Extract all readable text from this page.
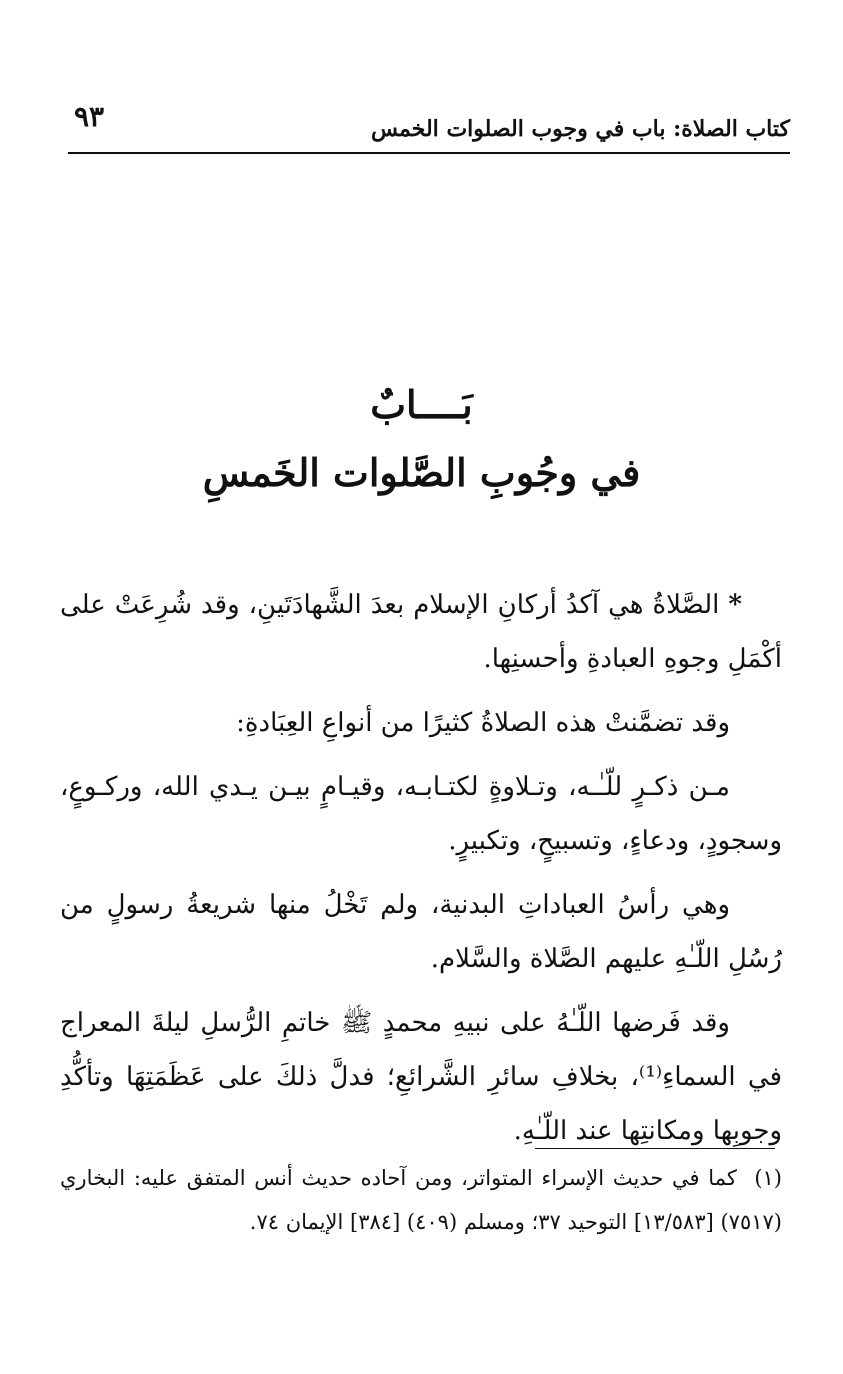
كتاب الصلاة: باب في وجوب الصلوات الخمس
٩٣
بَــــابٌ
في وجُوبِ الصَّلوات الخَمسِ

* الصَّلاةُ هي آكدُ أركانِ الإسلام بعدَ الشَّهادَتَينِ، وقد شُرِعَتْ على أكْمَلِ وجوهِ العبادةِ وأحسنِها.

وقد تضمَّنتْ هذه الصلاةُ كثيرًا من أنواعِ العِبَادةِ:

مـن ذكـرٍ للّـٰـه، وتـلاوةٍ لكتـابـه، وقيـامٍ بيـن يـدي الله، وركـوعٍ، وسجودٍ، ودعاءٍ، وتسبيحٍ، وتكبيرٍ.

وهي رأسُ العباداتِ البدنية، ولم تَخْلُ منها شريعةُ رسولٍ من رُسُلِ اللّـٰهِ عليهم الصَّلاة والسَّلام.

وقد فَرضها اللّـٰهُ على نبيهِ محمدٍ ﷺ خاتمِ الرُّسلِ ليلةَ المعراج في السماءِ⁽¹⁾، بخلافِ سائرِ الشَّرائعِ؛ فدلَّ ذلكَ على عَظَمَتِهَا وتأكُّدِ وجوبِها ومكانتِها عند اللّـٰهِ.

(١)  كما في حديث الإسراء المتواتر، ومن آحاده حديث أنس المتفق عليه: البخاري (٧٥١٧) [١٣/٥٨٣] التوحيد ٣٧؛ ومسلم (٤٠٩) [٣٨٤] الإيمان ٧٤.
